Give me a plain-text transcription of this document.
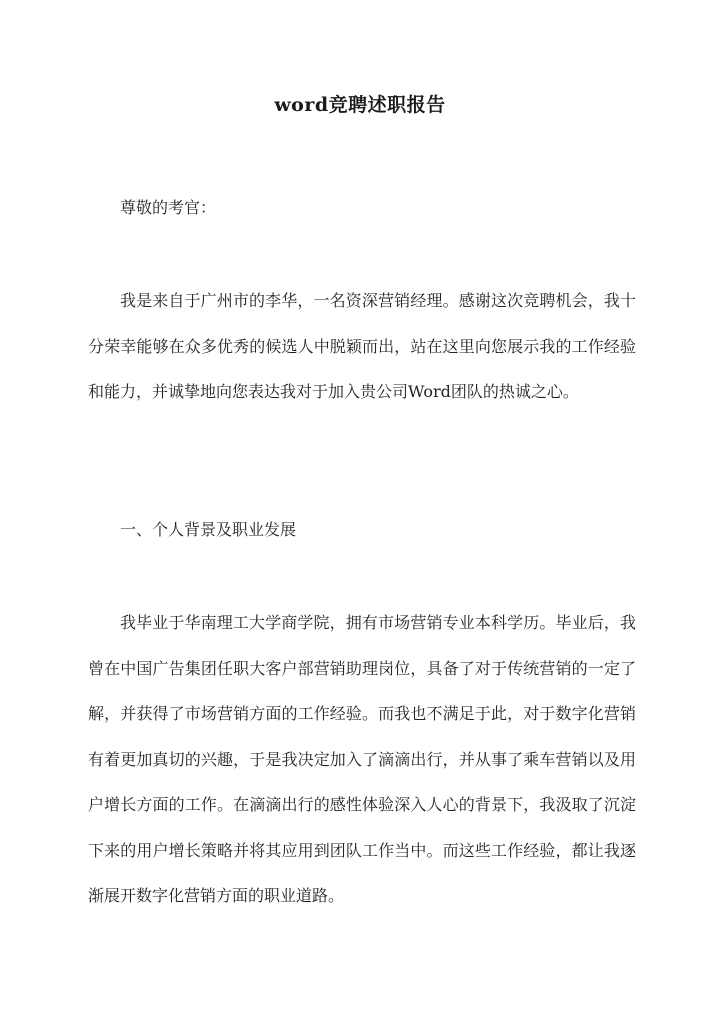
word竞聘述职报告

尊敬的考官：

我是来自于广州市的李华，一名资深营销经理。感谢这次竞聘机会，我十分荣幸能够在众多优秀的候选人中脱颖而出，站在这里向您展示我的工作经验和能力，并诚挚地向您表达我对于加入贵公司Word团队的热诚之心。

一、个人背景及职业发展

我毕业于华南理工大学商学院，拥有市场营销专业本科学历。毕业后，我曾在中国广告集团任职大客户部营销助理岗位，具备了对于传统营销的一定了解，并获得了市场营销方面的工作经验。而我也不满足于此，对于数字化营销有着更加真切的兴趣，于是我决定加入了滴滴出行，并从事了乘车营销以及用户增长方面的工作。在滴滴出行的感性体验深入人心的背景下，我汲取了沉淀下来的用户增长策略并将其应用到团队工作当中。而这些工作经验，都让我逐渐展开数字化营销方面的职业道路。
